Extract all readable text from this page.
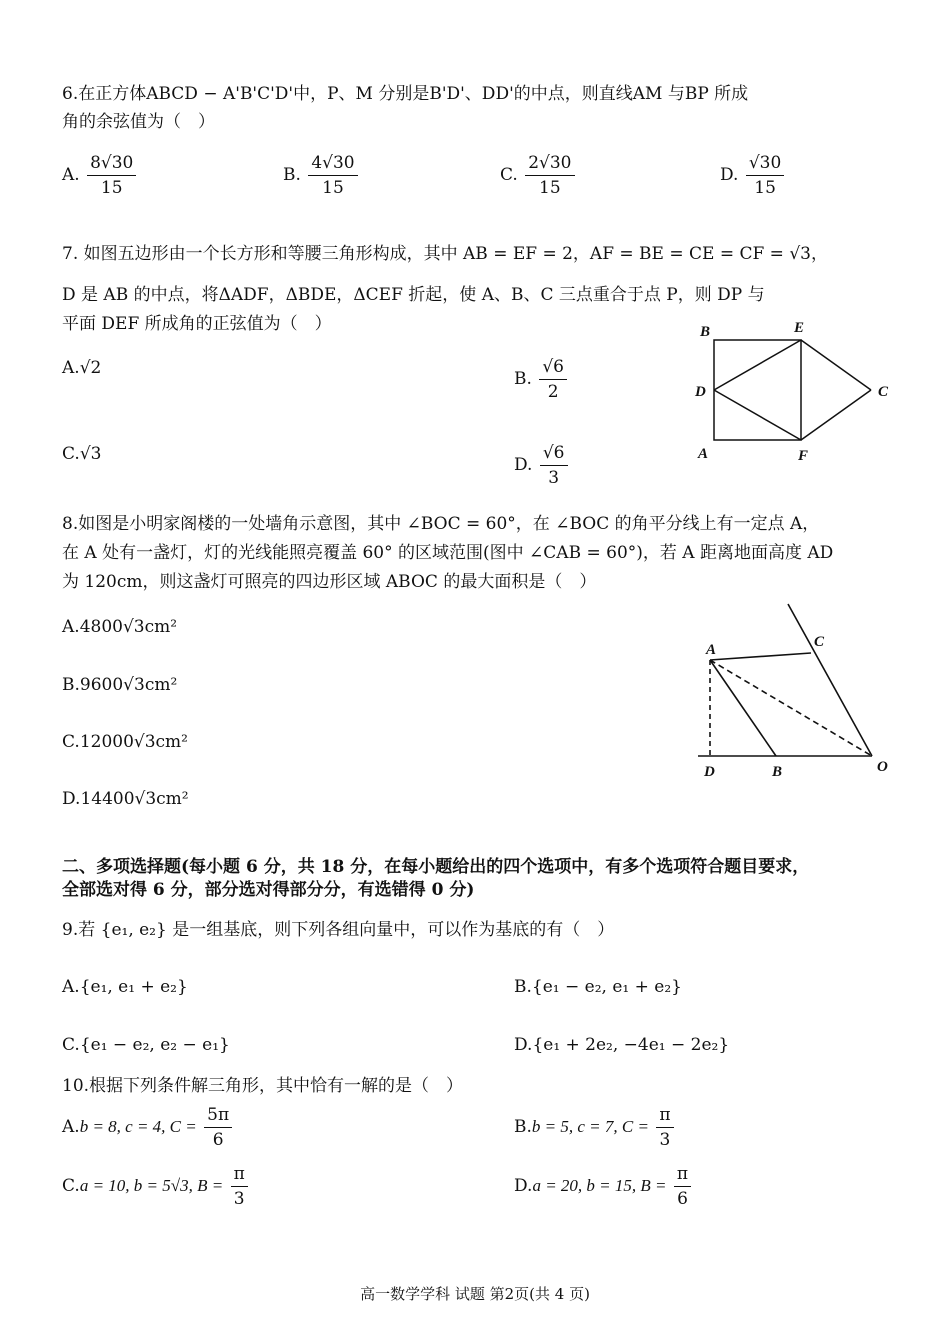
6.在正方体ABCD − A'B'C'D'中，P、M 分别是B'D'、DD'的中点，则直线AM 与BP 所成
角的余弦值为（　）
A. $\frac{8√30}{15}$	B. $\frac{4√30}{15}$	C. $\frac{2√30}{15}$	D. $\frac{√30}{15}$
7. 如图五边形由一个长方形和等腰三角形构成，其中 AB = EF = 2，AF = BE = CE = CF = √3，
D 是 AB 的中点，将ΔADF，ΔBDE，ΔCEF 折起，使 A、B、C 三点重合于点 P，则 DP 与
平面 DEF 所成角的正弦值为（　）
A.√2
B. $\frac{√6}{2}$
C.√3
D. $\frac{√6}{3}$
B	E
D	C
A	F
8.如图是小明家阁楼的一处墙角示意图，其中 ∠BOC = 60°，在 ∠BOC 的角平分线上有一定点 A，
在 A 处有一盏灯，灯的光线能照亮覆盖 60° 的区域范围(图中 ∠CAB = 60°)，若 A 距离地面高度 AD
为 120cm，则这盏灯可照亮的四边形区域 ABOC 的最大面积是（　）
A.4800√3cm²
B.9600√3cm²
C.12000√3cm²
D.14400√3cm²
A	C
D	B	O
二、多项选择题(每小题 6 分，共 18 分，在每小题给出的四个选项中，有多个选项符合题目要求，
全部选对得 6 分，部分选对得部分分，有选错得 0 分)
9.若 {e₁, e₂} 是一组基底，则下列各组向量中，可以作为基底的有（　）
A.{e₁, e₁ + e₂}	B.{e₁ − e₂, e₁ + e₂}
C.{e₁ − e₂, e₂ − e₁}	D.{e₁ + 2e₂, −4e₁ − 2e₂}
10.根据下列条件解三角形，其中恰有一解的是（　）
A.b = 8, c = 4, $C = \frac{5\pi}{6}$	B.b = 5, c = 7, $C = \frac{\pi}{3}$
C.a = 10, b = 5√3, $B = \frac{\pi}{3}$	D.a = 20, b = 15, $B = \frac{\pi}{6}$
高一数学学科 试题 第2页(共 4 页)
